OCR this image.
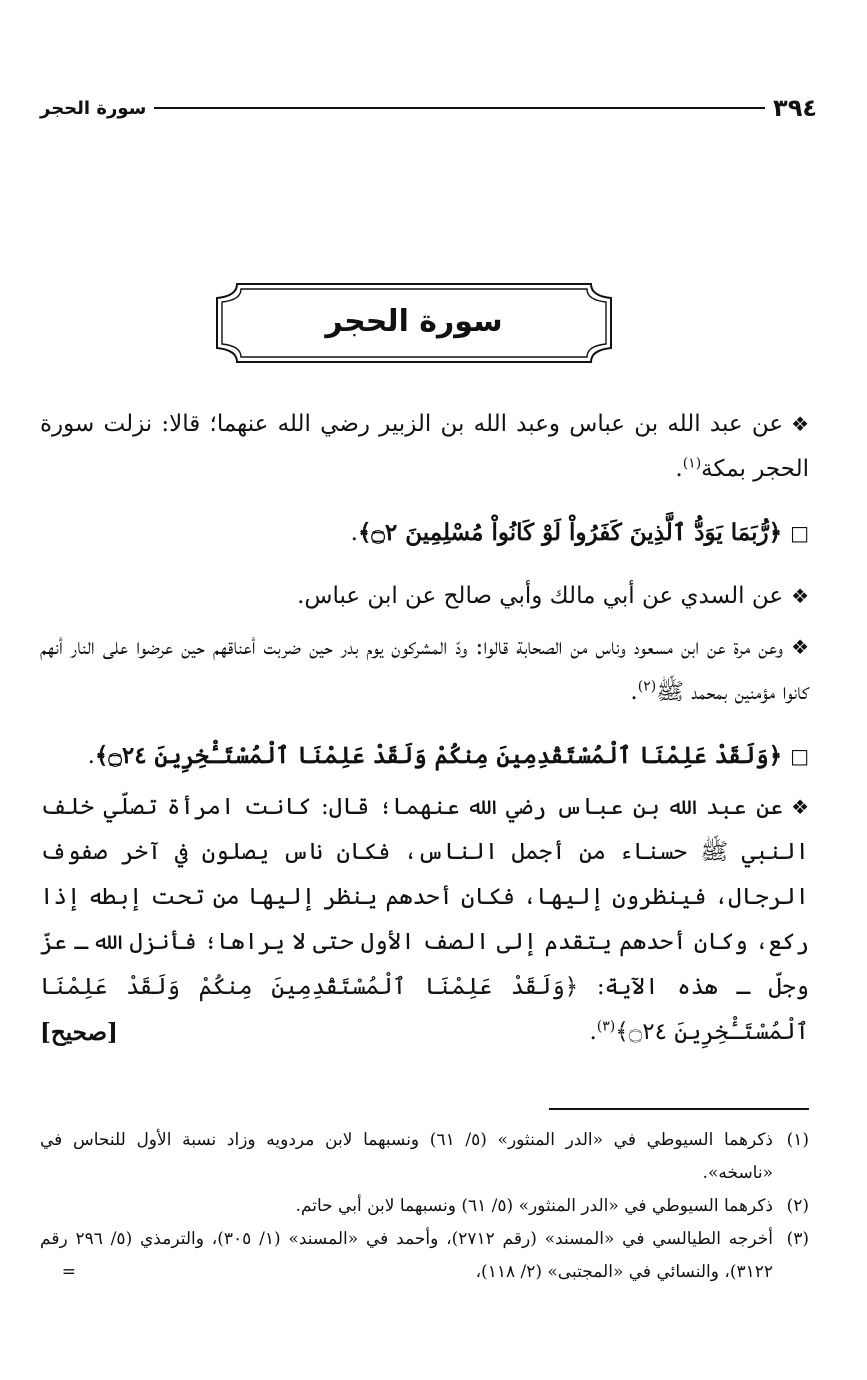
٣٩٤
سورة الحجر
سورة الحجر

❖عن عبد الله بن عباس وعبد الله بن الزبير رضي الله عنهما؛ قالا: نزلت سورة الحجر بمكة$^{(١)}$.

□﴿رُّبَمَا يَوَدُّ ٱلَّذِينَ كَفَرُواْ لَوْ كَانُواْ مُسْلِمِينَ ۝٢﴾.

❖عن السدي عن أبي مالك وأبي صالح عن ابن عباس.

❖وعن مرة عن ابن مسعود وناس من الصحابة قالوا: ودّ المشركون يوم بدر حين ضربت أعناقهم حين عرضوا على النار أنهم كانوا مؤمنين بمحمد ﷺ$^{(٢)}$.

□﴿وَلَقَدْ عَلِمْنَا ٱلْمُسْتَقْدِمِينَ مِنكُمْ وَلَقَدْ عَلِمْنَا ٱلْمُسْتَـْٔخِرِينَ ۝٢٤﴾.

❖عن عبد الله بن عباس رضي الله عنهما؛ قال: كانت امرأة تصلّي خلف النبي ﷺ حسناء من أجمل الناس، فكان ناس يصلون في آخر صفوف الرجال، فينظرون إليها، فكان أحدهم ينظر إليها من تحت إبطه إذا ركع، وكان أحدهم يتقدم إلى الصف الأول حتى لا يراها؛ فأنزل الله ـ عزّ وجلّ ـ هذه الآية: ﴿وَلَقَدْ عَلِمْنَا ٱلْمُسْتَقْدِمِينَ مِنكُمْ وَلَقَدْ عَلِمْنَا ٱلْمُسْتَـْٔخِرِينَ ۝٢٤﴾$^{(٣)}$.
[صحيح]

(١)ذكرهما السيوطي في «الدر المنثور» (٥/ ٦١) ونسبهما لابن مردويه وزاد نسبة الأول للنحاس في «ناسخه».

(٢)ذكرهما السيوطي في «الدر المنثور» (٥/ ٦١) ونسبهما لابن أبي حاتم.

(٣)أخرجه الطيالسي في «المسند» (رقم ٢٧١٢)، وأحمد في «المسند» (١/ ٣٠٥)، والترمذي (٥/ ٢٩٦ رقم ٣١٢٢)، والنسائي في «المجتبى» (٢/ ١١٨)،
=
